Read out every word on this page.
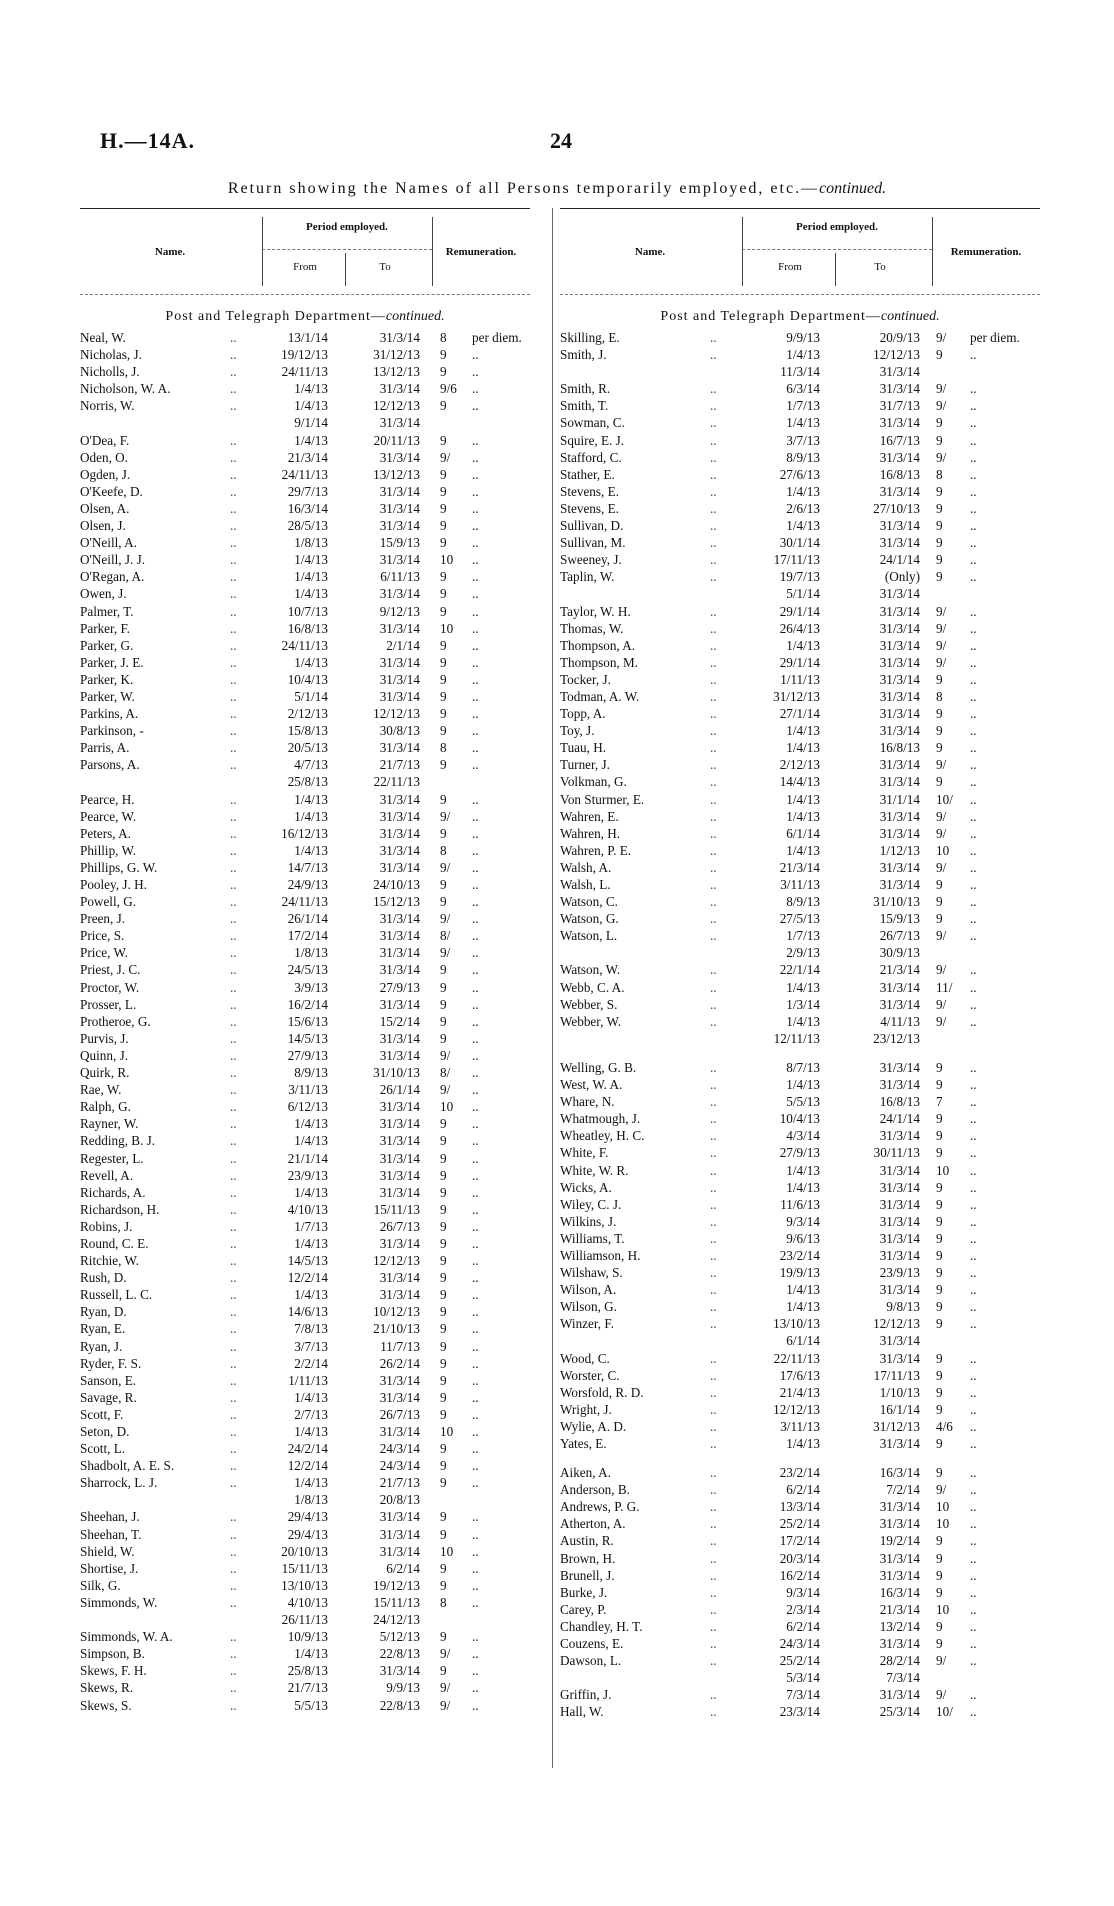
H.—14A.	24
Return showing the Names of all Persons temporarily employed, etc.—continued.
Name.
Period employed.
From	To
Remuneration.
Post and Telegraph Department—continued.
Neal, W.	..	13/1/14	31/3/14 8	per diem.
Nicholas, J.	..	19/12/13	31/12/13 9	..
Nicholls, J.	..	24/11/13	13/12/13 9	..
Nicholson, W. A.	..	1/4/13	31/3/14 9/6	..
Norris, W.	..	1/4/13	12/12/13 9	..
9/1/14	31/3/14
O'Dea, F.	..	1/4/13	20/11/13 9	..
Oden, O.	..	21/3/14	31/3/14 9/	..
Ogden, J.	..	24/11/13	13/12/13 9	..
O'Keefe, D.	..	29/7/13	31/3/14 9	..
Olsen, A.	..	16/3/14	31/3/14 9	..
Olsen, J.	..	28/5/13	31/3/14 9	..
O'Neill, A.	..	1/8/13	15/9/13 9	..
O'Neill, J. J.	..	1/4/13	31/3/14 10	..
O'Regan, A.	..	1/4/13	6/11/13 9	..
Owen, J.	..	1/4/13	31/3/14 9	..
Palmer, T.	..	10/7/13	9/12/13 9	..
Parker, F.	..	16/8/13	31/3/14 10	..
Parker, G.	..	24/11/13	2/1/14 9	..
Parker, J. E.	..	1/4/13	31/3/14 9	..
Parker, K.	..	10/4/13	31/3/14 9	..
Parker, W.	..	5/1/14	31/3/14 9	..
Parkins, A.	..	2/12/13	12/12/13 9	..
Parkinson, -	..	15/8/13	30/8/13 9	..
Parris, A.	..	20/5/13	31/3/14 8	..
Parsons, A.	..	4/7/13	21/7/13 9	..
25/8/13	22/11/13
Pearce, H.	..	1/4/13	31/3/14 9	..
Pearce, W.	..	1/4/13	31/3/14 9/	..
Peters, A.	..	16/12/13	31/3/14 9	..
Phillip, W.	..	1/4/13	31/3/14 8	..
Phillips, G. W.	..	14/7/13	31/3/14 9/	..
Pooley, J. H.	..	24/9/13	24/10/13 9	..
Powell, G.	..	24/11/13	15/12/13 9	..
Preen, J.	..	26/1/14	31/3/14 9/	..
Price, S.	..	17/2/14	31/3/14 8/	..
Price, W.	..	1/8/13	31/3/14 9/	..
Priest, J. C.	..	24/5/13	31/3/14 9	..
Proctor, W.	..	3/9/13	27/9/13 9	..
Prosser, L.	..	16/2/14	31/3/14 9	..
Protheroe, G.	..	15/6/13	15/2/14 9	..
Purvis, J.	..	14/5/13	31/3/14 9	..
Quinn, J.	..	27/9/13	31/3/14 9/	..
Quirk, R.	..	8/9/13	31/10/13 8/	..
Rae, W.	..	3/11/13	26/1/14 9/	..
Ralph, G.	..	6/12/13	31/3/14 10	..
Rayner, W.	..	1/4/13	31/3/14 9	..
Redding, B. J.	..	1/4/13	31/3/14 9	..
Regester, L.	..	21/1/14	31/3/14 9	..
Revell, A.	..	23/9/13	31/3/14 9	..
Richards, A.	..	1/4/13	31/3/14 9	..
Richardson, H.	..	4/10/13	15/11/13 9	..
Robins, J.	..	1/7/13	26/7/13 9	..
Round, C. E.	..	1/4/13	31/3/14 9	..
Ritchie, W.	..	14/5/13	12/12/13 9	..
Rush, D.	..	12/2/14	31/3/14 9	..
Russell, L. C.	..	1/4/13	31/3/14 9	..
Ryan, D.	..	14/6/13	10/12/13 9	..
Ryan, E.	..	7/8/13	21/10/13 9	..
Ryan, J.	..	3/7/13	11/7/13 9	..
Ryder, F. S.	..	2/2/14	26/2/14 9	..
Sanson, E.	..	1/11/13	31/3/14 9	..
Savage, R.	..	1/4/13	31/3/14 9	..
Scott, F.	..	2/7/13	26/7/13 9	..
Seton, D.	..	1/4/13	31/3/14 10	..
Scott, L.	..	24/2/14	24/3/14 9	..
Shadbolt, A. E. S.	..	12/2/14	24/3/14 9	..
Sharrock, L. J.	..	1/4/13	21/7/13 9	..
1/8/13	20/8/13
Sheehan, J.	..	29/4/13	31/3/14 9	..
Sheehan, T.	..	29/4/13	31/3/14 9	..
Shield, W.	..	20/10/13	31/3/14 10	..
Shortise, J.	..	15/11/13	6/2/14 9	..
Silk, G.	..	13/10/13	19/12/13 9	..
Simmonds, W.	..	4/10/13	15/11/13 8	..
26/11/13	24/12/13
Simmonds, W. A.	..	10/9/13	5/12/13 9	..
Simpson, B.	..	1/4/13	22/8/13 9/	..
Skews, F. H.	..	25/8/13	31/3/14 9	..
Skews, R.	..	21/7/13	9/9/13 9/	..
Skews, S.	..	5/5/13	22/8/13 9/	..
Name.
Period employed.
From	To
Remuneration.
Post and Telegraph Department—continued.
Skilling, E.	..	9/9/13	20/9/13 9/	per diem.
Smith, J.	..	1/4/13	12/12/13 9	..
11/3/14	31/3/14
Smith, R.	..	6/3/14	31/3/14 9/	..
Smith, T.	..	1/7/13	31/7/13 9/	..
Sowman, C.	..	1/4/13	31/3/14 9	..
Squire, E. J.	..	3/7/13	16/7/13 9	..
Stafford, C.	..	8/9/13	31/3/14 9/	..
Stather, E.	..	27/6/13	16/8/13 8	..
Stevens, E.	..	1/4/13	31/3/14 9	..
Stevens, E.	..	2/6/13	27/10/13 9	..
Sullivan, D.	..	1/4/13	31/3/14 9	..
Sullivan, M.	..	30/1/14	31/3/14 9	..
Sweeney, J.	..	17/11/13	24/1/14 9	..
Taplin, W.	..	19/7/13	(Only) 9	..
5/1/14	31/3/14
Taylor, W. H.	..	29/1/14	31/3/14 9/	..
Thomas, W.	..	26/4/13	31/3/14 9/	..
Thompson, A.	..	1/4/13	31/3/14 9/	..
Thompson, M.	..	29/1/14	31/3/14 9/	..
Tocker, J.	..	1/11/13	31/3/14 9	..
Todman, A. W.	..	31/12/13	31/3/14 8	..
Topp, A.	..	27/1/14	31/3/14 9	..
Toy, J.	..	1/4/13	31/3/14 9	..
Tuau, H.	..	1/4/13	16/8/13 9	..
Turner, J.	..	2/12/13	31/3/14 9/	..
Volkman, G.	..	14/4/13	31/3/14 9	..
Von Sturmer, E.	..	1/4/13	31/1/14 10/	..
Wahren, E.	..	1/4/13	31/3/14 9/	..
Wahren, H.	..	6/1/14	31/3/14 9/	..
Wahren, P. E.	..	1/4/13	1/12/13 10	..
Walsh, A.	..	21/3/14	31/3/14 9/	..
Walsh, L.	..	3/11/13	31/3/14 9	..
Watson, C.	..	8/9/13	31/10/13 9	..
Watson, G.	..	27/5/13	15/9/13 9	..
Watson, L.	..	1/7/13	26/7/13 9/	..
2/9/13	30/9/13
Watson, W.	..	22/1/14	21/3/14 9/	..
Webb, C. A.	..	1/4/13	31/3/14 11/	..
Webber, S.	..	1/3/14	31/3/14 9/	..
Webber, W.	..	1/4/13	4/11/13 9/	..
12/11/13	23/12/13
Welling, G. B.	..	8/7/13	31/3/14 9	..
West, W. A.	..	1/4/13	31/3/14 9	..
Whare, N.	..	5/5/13	16/8/13 7	..
Whatmough, J.	..	10/4/13	24/1/14 9	..
Wheatley, H. C.	..	4/3/14	31/3/14 9	..
White, F.	..	27/9/13	30/11/13 9	..
White, W. R.	..	1/4/13	31/3/14 10	..
Wicks, A.	..	1/4/13	31/3/14 9	..
Wiley, C. J.	..	11/6/13	31/3/14 9	..
Wilkins, J.	..	9/3/14	31/3/14 9	..
Williams, T.	..	9/6/13	31/3/14 9	..
Williamson, H.	..	23/2/14	31/3/14 9	..
Wilshaw, S.	..	19/9/13	23/9/13 9	..
Wilson, A.	..	1/4/13	31/3/14 9	..
Wilson, G.	..	1/4/13	9/8/13 9	..
Winzer, F.	..	13/10/13	12/12/13 9	..
6/1/14	31/3/14
Wood, C.	..	22/11/13	31/3/14 9	..
Worster, C.	..	17/6/13	17/11/13 9	..
Worsfold, R. D.	..	21/4/13	1/10/13 9	..
Wright, J.	..	12/12/13	16/1/14 9	..
Wylie, A. D.	..	3/11/13	31/12/13 4/6	..
Yates, E.	..	1/4/13	31/3/14 9	..
Aiken, A.	..	23/2/14	16/3/14 9	..
Anderson, B.	..	6/2/14	7/2/14 9/	..
Andrews, P. G.	..	13/3/14	31/3/14 10	..
Atherton, A.	..	25/2/14	31/3/14 10	..
Austin, R.	..	17/2/14	19/2/14 9	..
Brown, H.	..	20/3/14	31/3/14 9	..
Brunell, J.	..	16/2/14	31/3/14 9	..
Burke, J.	..	9/3/14	16/3/14 9	..
Carey, P.	..	2/3/14	21/3/14 10	..
Chandley, H. T.	..	6/2/14	13/2/14 9	..
Couzens, E.	..	24/3/14	31/3/14 9	..
Dawson, L.	..	25/2/14	28/2/14 9/	..
5/3/14	7/3/14
Griffin, J.	..	7/3/14	31/3/14 9/	..
Hall, W.	..	23/3/14	25/3/14 10/	..
